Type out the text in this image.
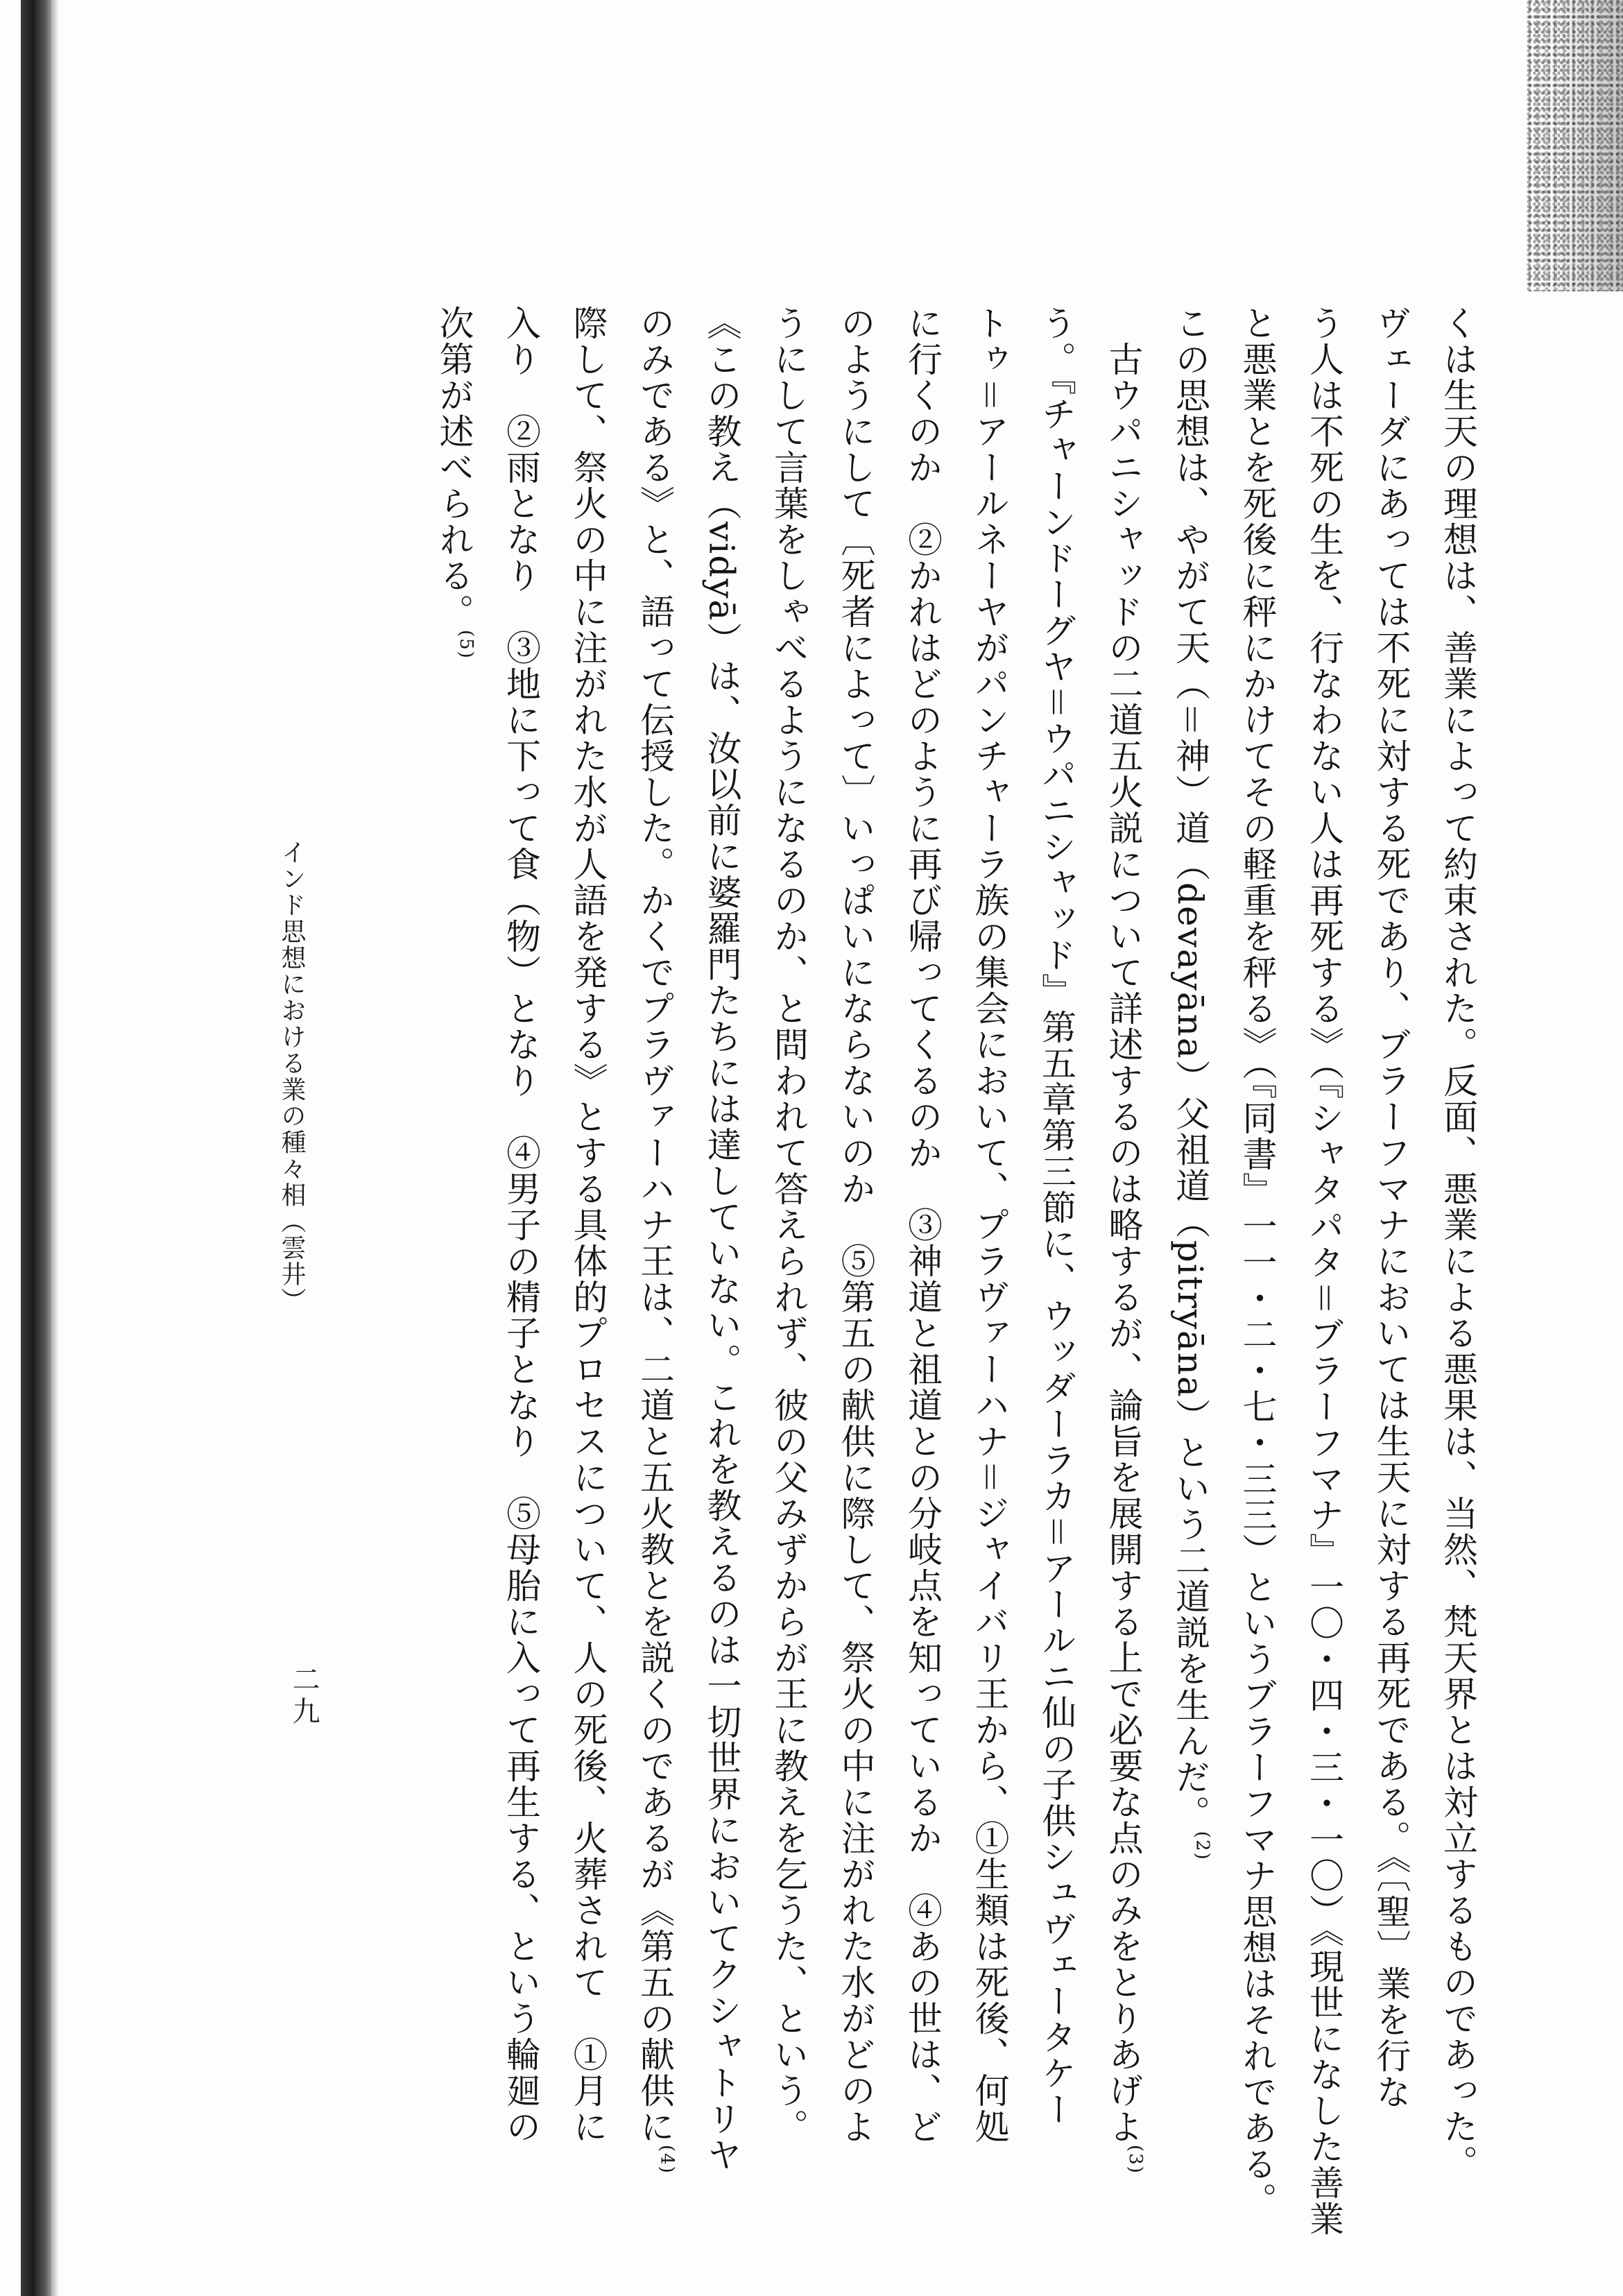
くは生天の理想は、善業によって約束された。反面、悪業による悪果は、当然、梵天界とは対立するものであった。

ヴェーダにあっては不死に対する死であり、ブラーフマナにおいては生天に対する再死である。《〔聖〕業を行な

う人は不死の生を、行なわない人は再死する》（『シャタパタ＝ブラーフマナ』一〇・四・三・一〇）《現世になした善業

と悪業とを死後に秤にかけてその軽重を秤る》（『同書』一一・二・七・三三）というブラーフマナ思想はそれである。

この思想は、やがて天（＝神）道（devayāna）父祖道（pitryāna）という二道説を生んだ。$^{(2)}$

　古ウパニシャッドの二道五火説について詳述するのは略するが、論旨を展開する上で必要な点のみをとりあげよ$^{(3)}$

う。『チャーンドーグヤ＝ウパニシャッド』第五章第三節に、ウッダーラカ＝アールニ仙の子供シュヴェータケー

トゥ＝アールネーヤがパンチャーラ族の集会において、プラヴァーハナ＝ジャイバリ王から、①生類は死後、何処

に行くのか　②かれはどのように再び帰ってくるのか　③神道と祖道との分岐点を知っているか　④あの世は、ど

のようにして〔死者によって〕いっぱいにならないのか　⑤第五の献供に際して、祭火の中に注がれた水がどのよ

うにして言葉をしゃべるようになるのか、と問われて答えられず、彼の父みずからが王に教えを乞うた、という。

《この教え（vidyā）は、汝以前に婆羅門たちには達していない。これを教えるのは一切世界においてクシャトリヤ

のみである》と、語って伝授した。かくでプラヴァーハナ王は、二道と五火教とを説くのであるが《第五の献供に$^{(4)}$

際して、祭火の中に注がれた水が人語を発する》とする具体的プロセスについて、人の死後、火葬されて　①月に

入り　②雨となり　③地に下って食（物）となり　④男子の精子となり　⑤母胎に入って再生する、という輪廻の

次第が述べられる。$^{(5)}$

インド思想における業の種々相（雲井）
二九
